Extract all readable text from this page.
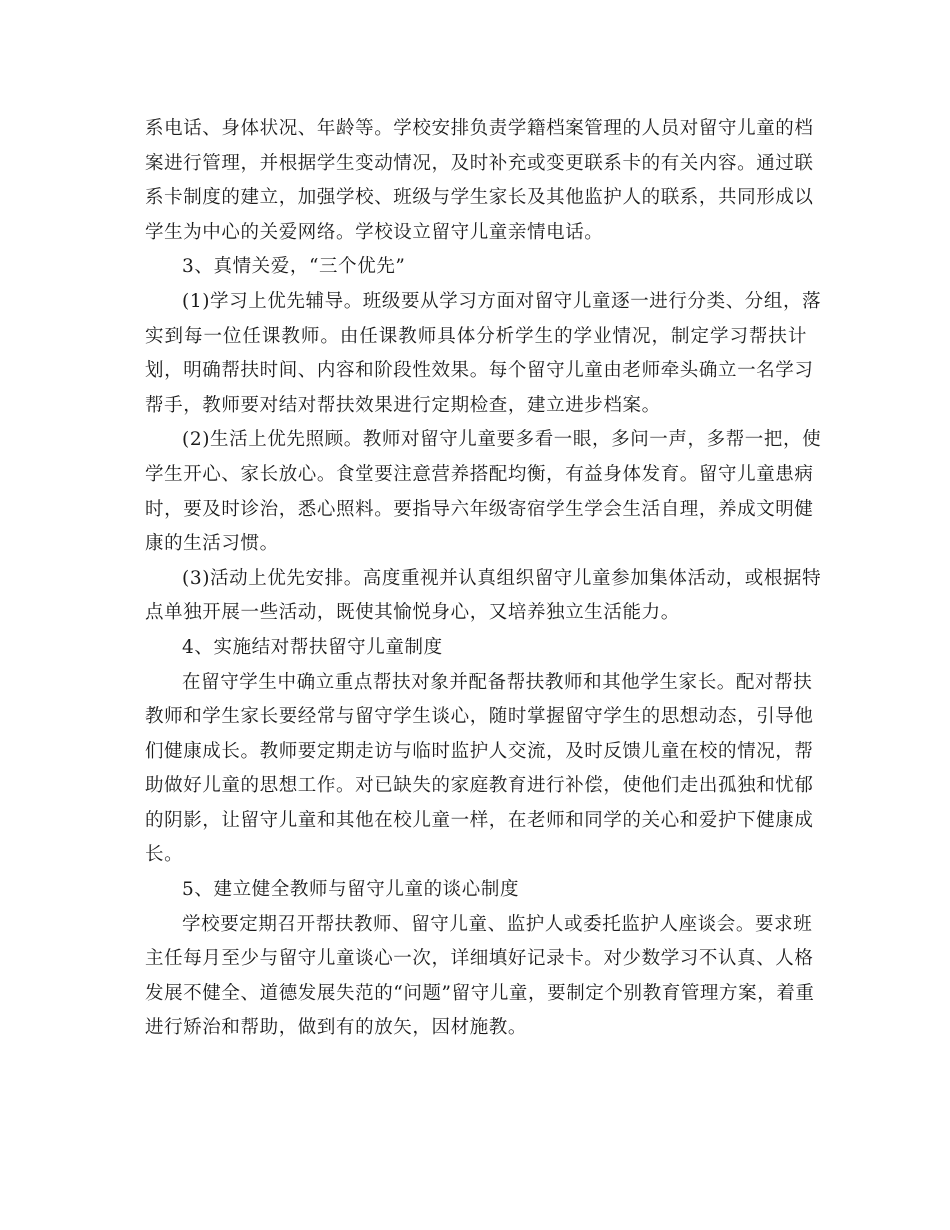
系电话、身体状况、年龄等。学校安排负责学籍档案管理的人员对留守儿童的档
案进行管理，并根据学生变动情况，及时补充或变更联系卡的有关内容。通过联
系卡制度的建立，加强学校、班级与学生家长及其他监护人的联系，共同形成以
学生为中心的关爱网络。学校设立留守儿童亲情电话。
3、真情关爱，“三个优先”
(1)学习上优先辅导。班级要从学习方面对留守儿童逐一进行分类、分组，落
实到每一位任课教师。由任课教师具体分析学生的学业情况，制定学习帮扶计
划，明确帮扶时间、内容和阶段性效果。每个留守儿童由老师牵头确立一名学习
帮手，教师要对结对帮扶效果进行定期检查，建立进步档案。
(2)生活上优先照顾。教师对留守儿童要多看一眼，多问一声，多帮一把，使
学生开心、家长放心。食堂要注意营养搭配均衡，有益身体发育。留守儿童患病
时，要及时诊治，悉心照料。要指导六年级寄宿学生学会生活自理，养成文明健
康的生活习惯。
(3)活动上优先安排。高度重视并认真组织留守儿童参加集体活动，或根据特
点单独开展一些活动，既使其愉悦身心，又培养独立生活能力。
4、实施结对帮扶留守儿童制度
在留守学生中确立重点帮扶对象并配备帮扶教师和其他学生家长。配对帮扶
教师和学生家长要经常与留守学生谈心，随时掌握留守学生的思想动态，引导他
们健康成长。教师要定期走访与临时监护人交流，及时反馈儿童在校的情况，帮
助做好儿童的思想工作。对已缺失的家庭教育进行补偿，使他们走出孤独和忧郁
的阴影，让留守儿童和其他在校儿童一样，在老师和同学的关心和爱护下健康成
长。
5、建立健全教师与留守儿童的谈心制度
学校要定期召开帮扶教师、留守儿童、监护人或委托监护人座谈会。要求班
主任每月至少与留守儿童谈心一次，详细填好记录卡。对少数学习不认真、人格
发展不健全、道德发展失范的“问题”留守儿童，要制定个别教育管理方案，着重
进行矫治和帮助，做到有的放矢，因材施教。
